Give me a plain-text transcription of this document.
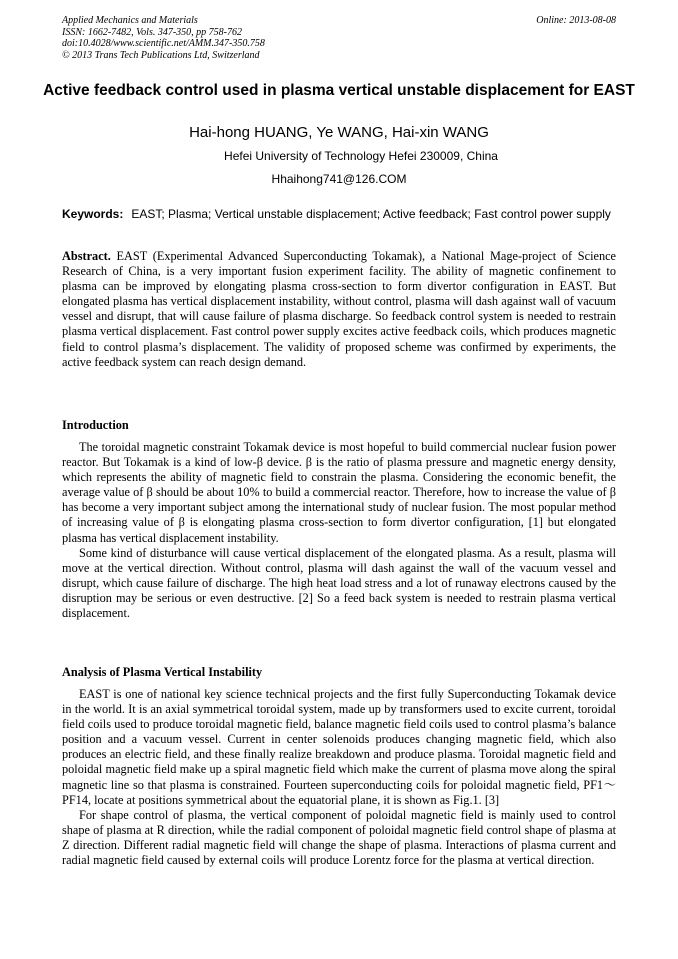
Applied Mechanics and Materials
ISSN: 1662-7482, Vols. 347-350, pp 758-762
doi:10.4028/www.scientific.net/AMM.347-350.758
© 2013 Trans Tech Publications Ltd, Switzerland
Online: 2013-08-08
Active feedback control used in plasma vertical unstable displacement for EAST
Hai-hong HUANG, Ye WANG, Hai-xin WANG
Hefei University of Technology Hefei 230009, China
Hhaihong741@126.COM
Keywords: EAST; Plasma; Vertical unstable displacement; Active feedback; Fast control power supply

Abstract. EAST (Experimental Advanced Superconducting Tokamak), a National Mage-project of Science Research of China, is a very important fusion experiment facility. The ability of magnetic confinement to plasma can be improved by elongating plasma cross-section to form divertor configuration in EAST. But elongated plasma has vertical displacement instability, without control, plasma will dash against wall of vacuum vessel and disrupt, that will cause failure of plasma discharge. So feedback control system is needed to restrain plasma vertical displacement. Fast control power supply excites active feedback coils, which produces magnetic field to control plasma’s displacement. The validity of proposed scheme was confirmed by experiments, the active feedback system can reach design demand.

Introduction

The toroidal magnetic constraint Tokamak device is most hopeful to build commercial nuclear fusion power reactor. But Tokamak is a kind of low-β device. β is the ratio of plasma pressure and magnetic energy density, which represents the ability of magnetic field to constrain the plasma. Considering the economic benefit, the average value of β should be about 10% to build a commercial reactor. Therefore, how to increase the value of β has become a very important subject among the international study of nuclear fusion. The most popular method of increasing value of β is elongating plasma cross-section to form divertor configuration, [1] but elongated plasma has vertical displacement instability.

Some kind of disturbance will cause vertical displacement of the elongated plasma. As a result, plasma will move at the vertical direction. Without control, plasma will dash against the wall of the vacuum vessel and disrupt, which cause failure of discharge. The high heat load stress and a lot of runaway electrons caused by the disruption may be serious or even destructive. [2] So a feed back system is needed to restrain plasma vertical displacement.

Analysis of Plasma Vertical Instability

EAST is one of national key science technical projects and the first fully Superconducting Tokamak device in the world. It is an axial symmetrical toroidal system, made up by transformers used to excite current, toroidal field coils used to produce toroidal magnetic field, balance magnetic field coils used to control plasma’s balance position and a vacuum vessel. Current in center solenoids produces changing magnetic field, which also produces an electric field, and these finally realize breakdown and produce plasma. Toroidal magnetic field and poloidal magnetic field make up a spiral magnetic field which make the current of plasma move along the spiral magnetic line so that plasma is constrained. Fourteen superconducting coils for poloidal magnetic field, PF1～PF14, locate at positions symmetrical about the equatorial plane, it is shown as Fig.1. [3]

For shape control of plasma, the vertical component of poloidal magnetic field is mainly used to control shape of plasma at R direction, while the radial component of poloidal magnetic field control shape of plasma at Z direction. Different radial magnetic field will change the shape of plasma. Interactions of plasma current and radial magnetic field caused by external coils will produce Lorentz force for the plasma at vertical direction.
